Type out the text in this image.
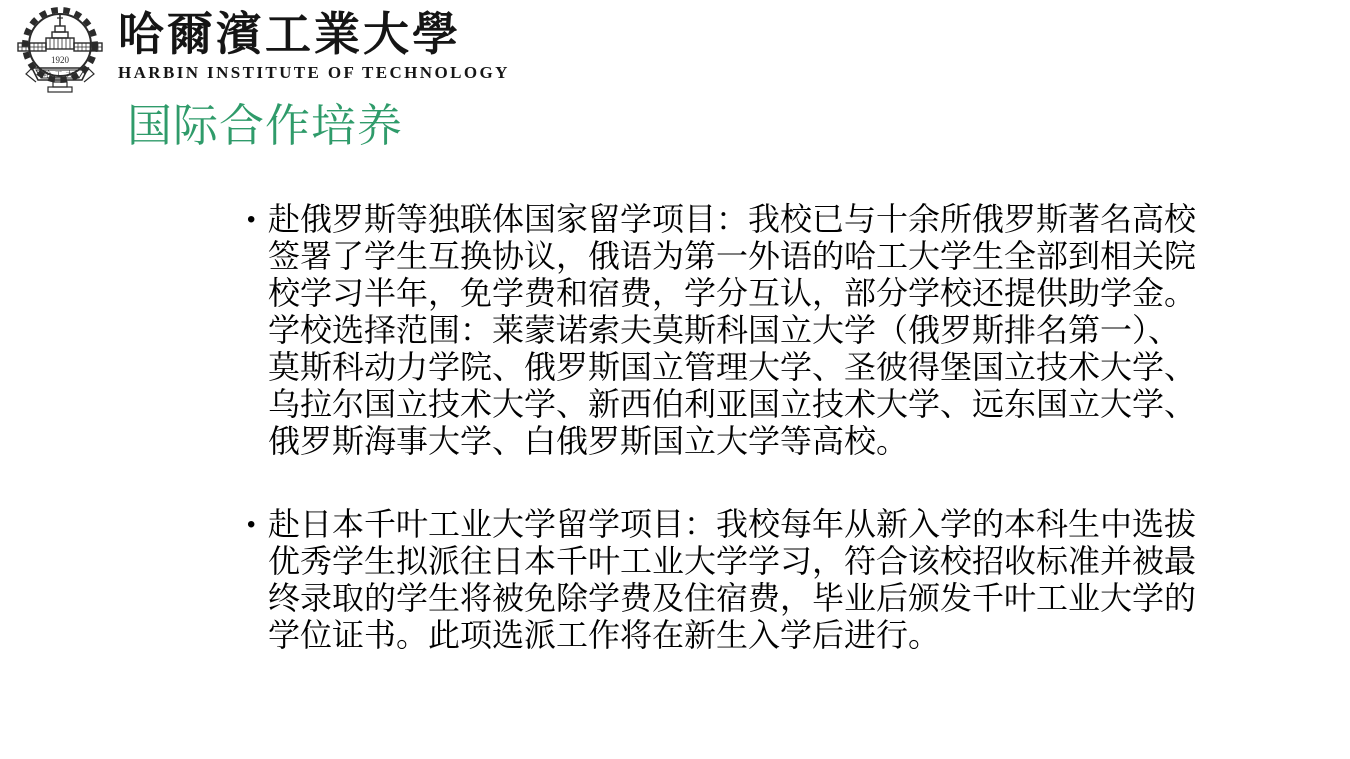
1920
哈工大
哈爾濱工業大學
HARBIN INSTITUTE OF TECHNOLOGY
国际合作培养
• 赴俄罗斯等独联体国家留学项目：我校已与十余所俄罗斯著名高校签署了学生互换协议，俄语为第一外语的哈工大学生全部到相关院校学习半年，免学费和宿费，学分互认，部分学校还提供助学金。学校选择范围：莱蒙诺索夫莫斯科国立大学（俄罗斯排名第一）、莫斯科动力学院、俄罗斯国立管理大学、圣彼得堡国立技术大学、乌拉尔国立技术大学、新西伯利亚国立技术大学、远东国立大学、俄罗斯海事大学、白俄罗斯国立大学等高校。
• 赴日本千叶工业大学留学项目：我校每年从新入学的本科生中选拔优秀学生拟派往日本千叶工业大学学习，符合该校招收标准并被最终录取的学生将被免除学费及住宿费，毕业后颁发千叶工业大学的学位证书。此项选派工作将在新生入学后进行。
